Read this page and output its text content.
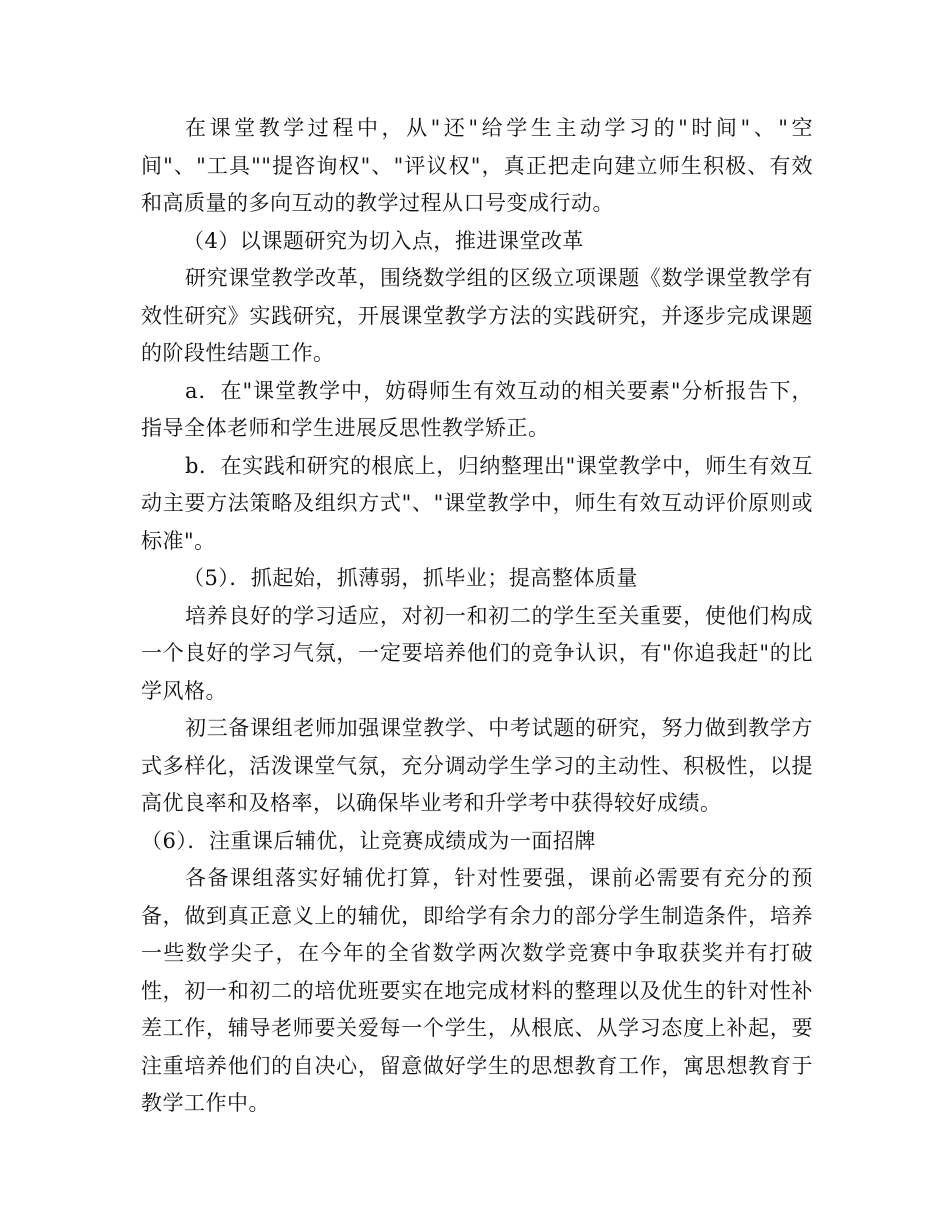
在课堂教学过程中，从"还"给学生主动学习的"时间"、"空间"、"工具""提咨询权"、"评议权"，真正把走向建立师生积极、有效和高质量的多向互动的教学过程从口号变成行动。

（4）以课题研究为切入点，推进课堂改革

研究课堂教学改革，围绕数学组的区级立项课题《数学课堂教学有效性研究》实践研究，开展课堂教学方法的实践研究，并逐步完成课题的阶段性结题工作。

a．在"课堂教学中，妨碍师生有效互动的相关要素"分析报告下，指导全体老师和学生进展反思性教学矫正。

b．在实践和研究的根底上，归纳整理出"课堂教学中，师生有效互动主要方法策略及组织方式"、"课堂教学中，师生有效互动评价原则或标准"。

（5）．抓起始，抓薄弱，抓毕业；提高整体质量

培养良好的学习适应，对初一和初二的学生至关重要，使他们构成一个良好的学习气氛，一定要培养他们的竞争认识，有"你追我赶"的比学风格。

初三备课组老师加强课堂教学、中考试题的研究，努力做到教学方式多样化，活泼课堂气氛，充分调动学生学习的主动性、积极性，以提高优良率和及格率，以确保毕业考和升学考中获得较好成绩。

（6）．注重课后辅优，让竞赛成绩成为一面招牌

各备课组落实好辅优打算，针对性要强，课前必需要有充分的预备，做到真正意义上的辅优，即给学有余力的部分学生制造条件，培养一些数学尖子，在今年的全省数学两次数学竞赛中争取获奖并有打破性，初一和初二的培优班要实在地完成材料的整理以及优生的针对性补差工作，辅导老师要关爱每一个学生，从根底、从学习态度上补起，要注重培养他们的自决心，留意做好学生的思想教育工作，寓思想教育于教学工作中。
